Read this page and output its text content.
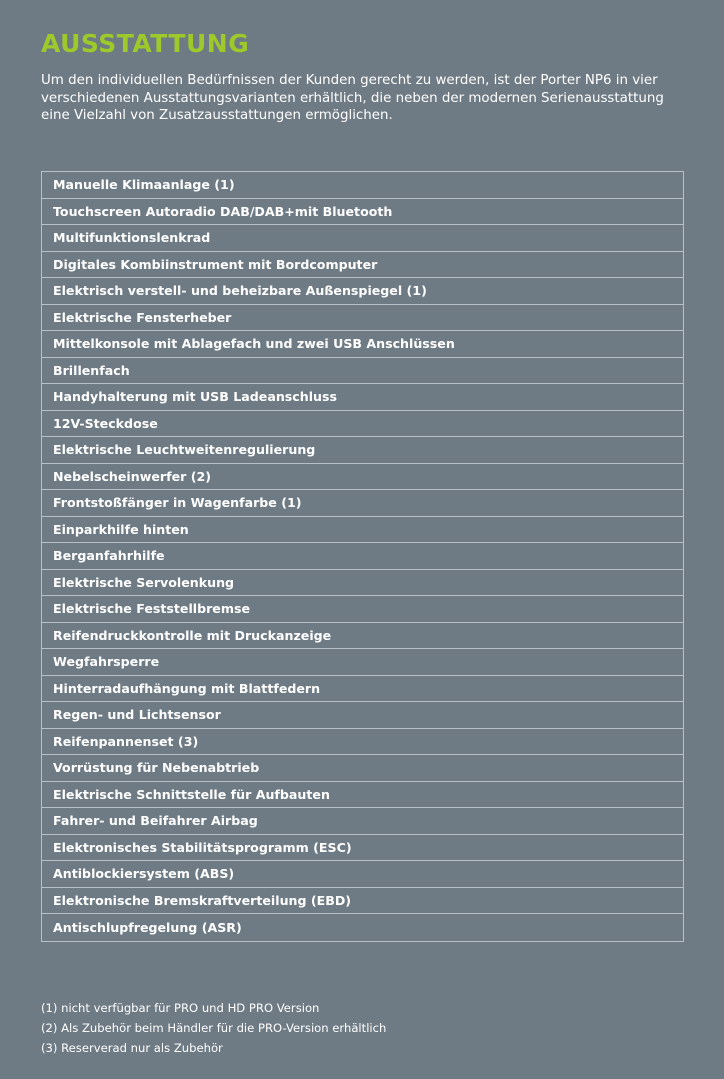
AUSSTATTUNG

Um den individuellen Bedürfnissen der Kunden gerecht zu werden, ist der Porter NP6 in vier verschiedenen Ausstattungsvarianten erhältlich, die neben der modernen Serienausstattung eine Vielzahl von Zusatzausstattungen ermöglichen.

Manuelle Klimaanlage (1)
Touchscreen Autoradio DAB/DAB+mit Bluetooth
Multifunktionslenkrad
Digitales Kombiinstrument mit Bordcomputer
Elektrisch verstell- und beheizbare Außenspiegel (1)
Elektrische Fensterheber
Mittelkonsole mit Ablagefach und zwei USB Anschlüssen
Brillenfach
Handyhalterung mit USB Ladeanschluss
12V-Steckdose
Elektrische Leuchtweitenregulierung
Nebelscheinwerfer (2)
Frontstoßfänger in Wagenfarbe (1)
Einparkhilfe hinten
Berganfahrhilfe
Elektrische Servolenkung
Elektrische Feststellbremse
Reifendruckkontrolle mit Druckanzeige
Wegfahrsperre
Hinterradaufhängung mit Blattfedern
Regen- und Lichtsensor
Reifenpannenset (3)
Vorrüstung für Nebenabtrieb
Elektrische Schnittstelle für Aufbauten
Fahrer- und Beifahrer Airbag
Elektronisches Stabilitätsprogramm (ESC)
Antiblockiersystem (ABS)
Elektronische Bremskraftverteilung (EBD)
Antischlupfregelung (ASR)
(1) nicht verfügbar für PRO und HD PRO Version
(2) Als Zubehör beim Händler für die PRO-Version erhältlich
(3) Reserverad nur als Zubehör
